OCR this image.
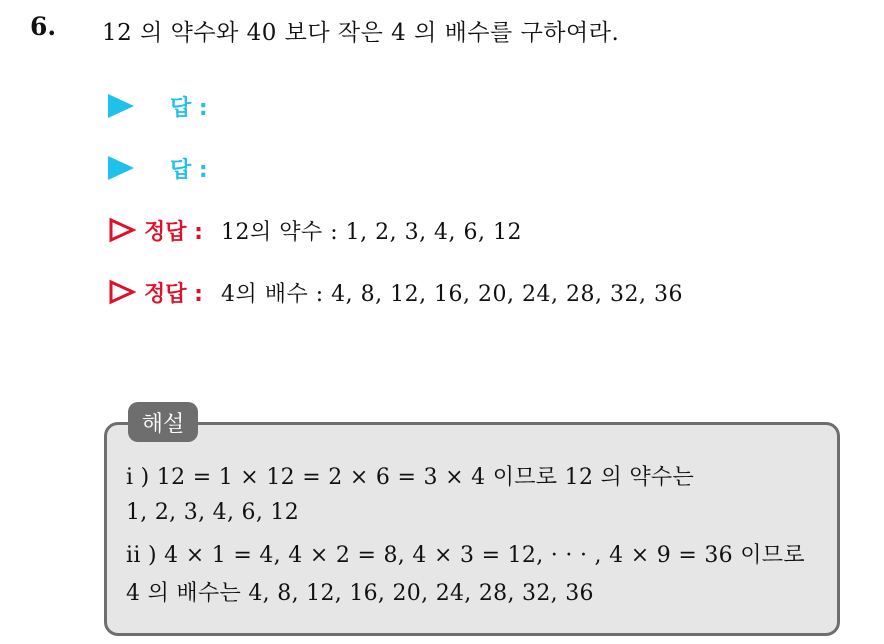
6. 12 의 약수와 40 보다 작은 4 의 배수를 구하여라.
답 :
답 :
정답 : 12의 약수 : 1, 2, 3, 4, 6, 12
정답 : 4의 배수 : 4, 8, 12, 16, 20, 24, 28, 32, 36
해설
i ) 12 = 1 × 12 = 2 × 6 = 3 × 4 이므로 12 의 약수는
1, 2, 3, 4, 6, 12
ii ) 4 × 1 = 4, 4 × 2 = 8, 4 × 3 = 12, · · · , 4 × 9 = 36 이므로
4 의 배수는 4, 8, 12, 16, 20, 24, 28, 32, 36
